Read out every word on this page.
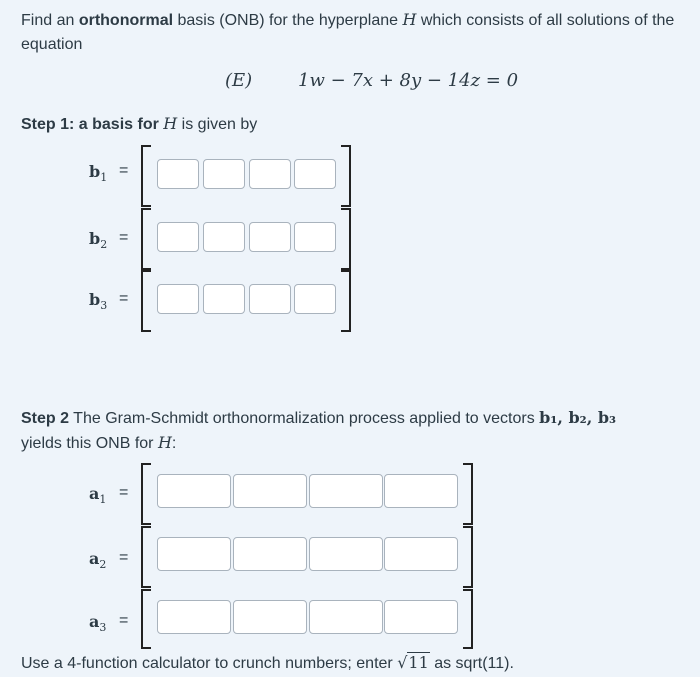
Find an orthonormal basis (ONB) for the hyperplane H which consists of all solutions of the equation
(E)	1w − 7x + 8y − 14z = 0
Step 1: a basis for H is given by
$b_1$ =
$b_2$ =
$b_3$ =
Step 2 The Gram-Schmidt orthonormalization process applied to vectors b₁, b₂, b₃
yields this ONB for H:
$a_1$ =
$a_2$ =
$a_3$ =
Use a 4-function calculator to crunch numbers; enter √11 as sqrt(11).
